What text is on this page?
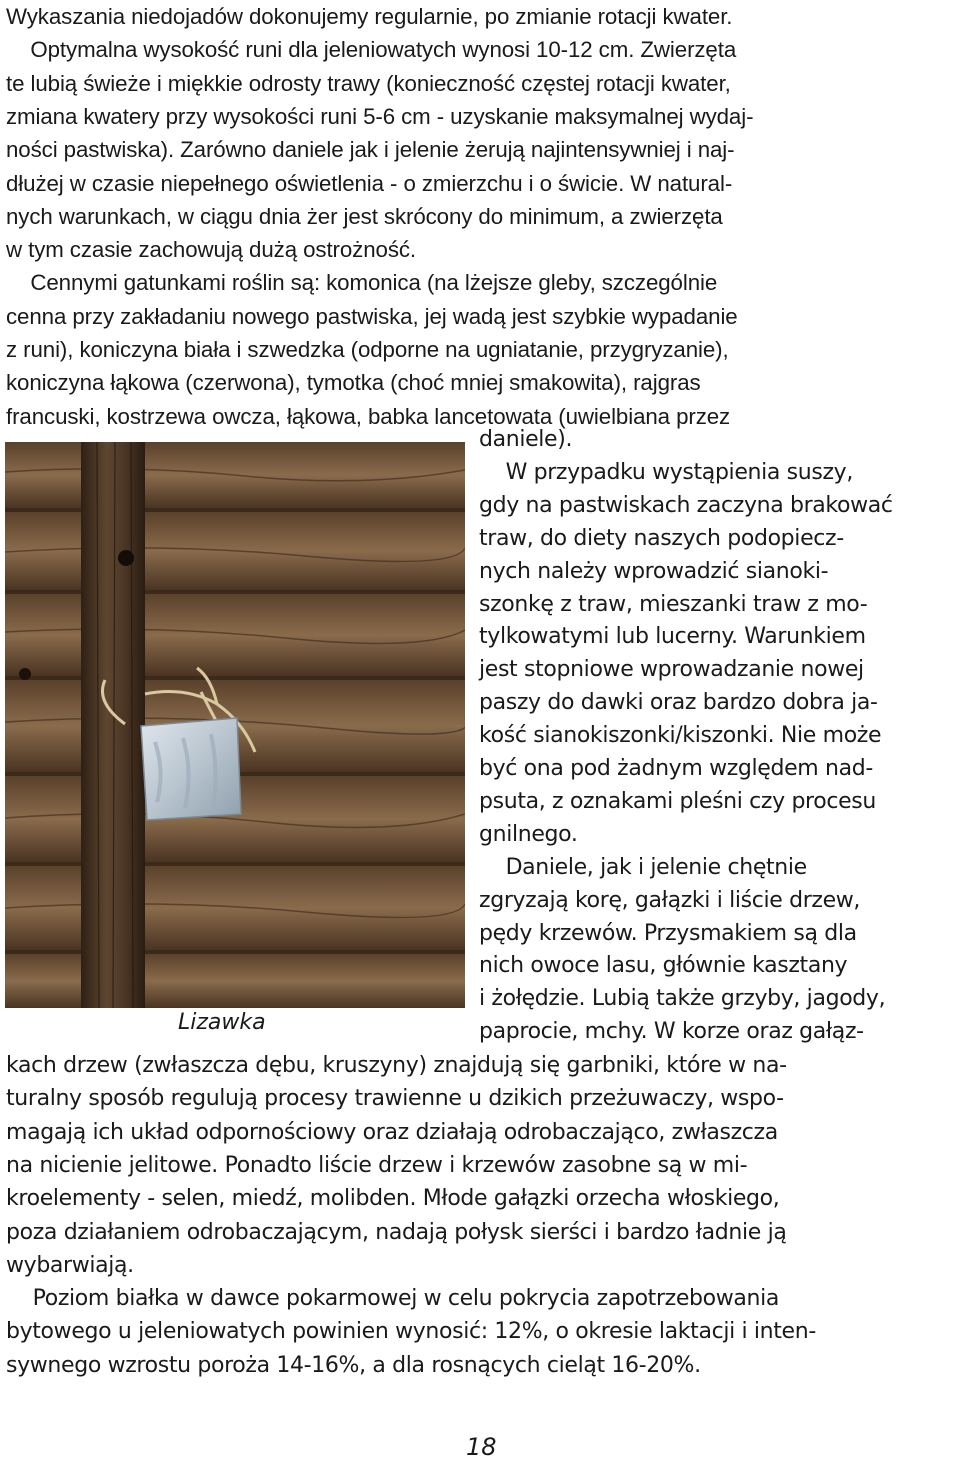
Wykaszania niedojadów dokonujemy regularnie, po zmianie rotacji kwater.
Optymalna wysokość runi dla jeleniowatych wynosi 10-12 cm. Zwierzęta
te lubią świeże i miękkie odrosty trawy (konieczność częstej rotacji kwater,
zmiana kwatery przy wysokości runi 5-6 cm - uzyskanie maksymalnej wydaj-
ności pastwiska). Zarówno daniele jak i jelenie żerują najintensywniej i naj-
dłużej w czasie niepełnego oświetlenia - o zmierzchu i o świcie. W natural-
nych warunkach, w ciągu dnia żer jest skrócony do minimum, a zwierzęta
w tym czasie zachowują dużą ostrożność.
Cennymi gatunkami roślin są: komonica (na lżejsze gleby, szczególnie
cenna przy zakładaniu nowego pastwiska, jej wadą jest szybkie wypadanie
z runi), koniczyna biała i szwedzka (odporne na ugniatanie, przygryzanie),
koniczyna łąkowa (czerwona), tymotka (choć mniej smakowita), rajgras
francuski, kostrzewa owcza, łąkowa, babka lancetowata (uwielbiana przez
Lizawka
daniele).
W przypadku wystąpienia suszy,
gdy na pastwiskach zaczyna brakować
traw, do diety naszych podopiecz-
nych należy wprowadzić sianoki-
szonkę z traw, mieszanki traw z mo-
tylkowatymi lub lucerny. Warunkiem
jest stopniowe wprowadzanie nowej
paszy do dawki oraz bardzo dobra ja-
kość sianokiszonki/kiszonki. Nie może
być ona pod żadnym względem nad-
psuta, z oznakami pleśni czy procesu
gnilnego.
Daniele, jak i jelenie chętnie
zgryzają korę, gałązki i liście drzew,
pędy krzewów. Przysmakiem są dla
nich owoce lasu, głównie kasztany
i żołędzie. Lubią także grzyby, jagody,
paprocie, mchy. W korze oraz gałąz-
kach drzew (zwłaszcza dębu, kruszyny) znajdują się garbniki, które w na-
turalny sposób regulują procesy trawienne u dzikich przeżuwaczy, wspo-
magają ich układ odpornościowy oraz działają odrobaczająco, zwłaszcza
na nicienie jelitowe. Ponadto liście drzew i krzewów zasobne są w mi-
kroelementy - selen, miedź, molibden. Młode gałązki orzecha włoskiego,
poza działaniem odrobaczającym, nadają połysk sierści i bardzo ładnie ją
wybarwiają.
Poziom białka w dawce pokarmowej w celu pokrycia zapotrzebowania
bytowego u jeleniowatych powinien wynosić: 12%, o okresie laktacji i inten-
sywnego wzrostu poroża 14-16%, a dla rosnących cieląt 16-20%.
18
